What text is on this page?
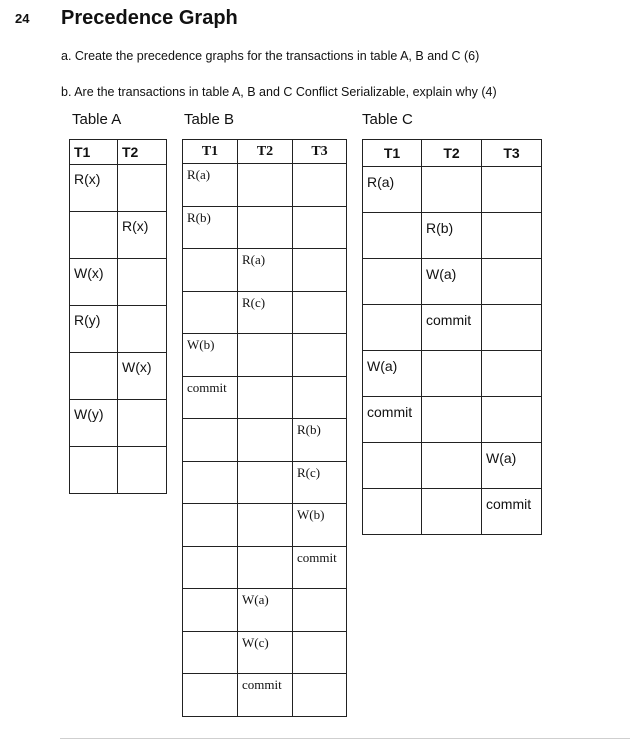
24 Precedence Graph
a. Create the precedence graphs for the transactions in table A, B and C (6)
b. Are the transactions in table A, B and C Conflict Serializable, explain why (4)
Table A	Table B	Table C
T1	T2
R(x)	
	R(x)
W(x)	
R(y)	
	W(x)
W(y)	

T1	T2	T3
R(a)		
R(b)		
	R(a)	
	R(c)	
W(b)		
commit		
		R(b)
		R(c)
		W(b)
		commit
	W(a)	
	W(c)	
	commit	
T1	T2	T3
R(a)		
	R(b)	
	W(a)	
	commit	
W(a)		
commit		
		W(a)
		commit
